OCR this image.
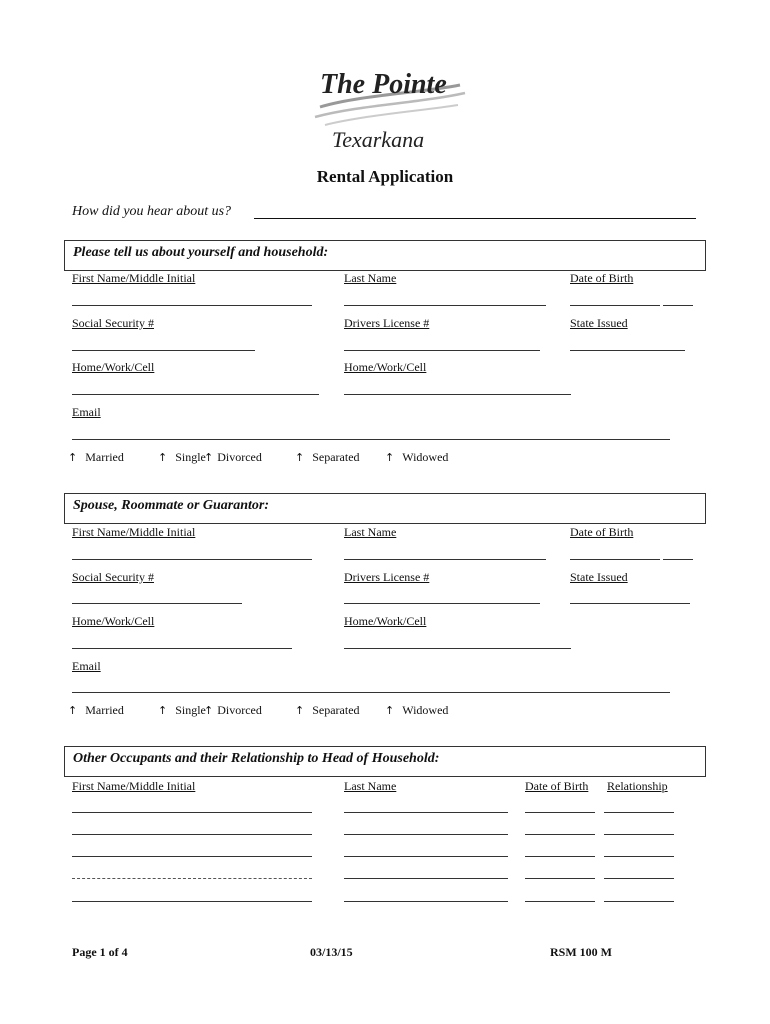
The Pointe
Texarkana
Rental Application
How did you hear about us?
Please tell us about yourself and household:
First Name/Middle Initial	Last Name	Date of Birth
Social Security #	Drivers License #	State Issued
Home/Work/Cell	Home/Work/Cell
Email
↑ Married	↑ Single
↑ Divorced	↑ Separated ↑ Widowed
Spouse, Roommate or Guarantor:
First Name/Middle Initial	Last Name	Date of Birth
Social Security #	Drivers License #	State Issued
Home/Work/Cell	Home/Work/Cell
Email
↑ Married	↑ Single
↑ Divorced	↑ Separated ↑ Widowed
Other Occupants and their Relationship to Head of Household:
First Name/Middle Initial	Last Name	Date of Birth Relationship
Page 1 of 4	03/13/15	RSM 100 M
